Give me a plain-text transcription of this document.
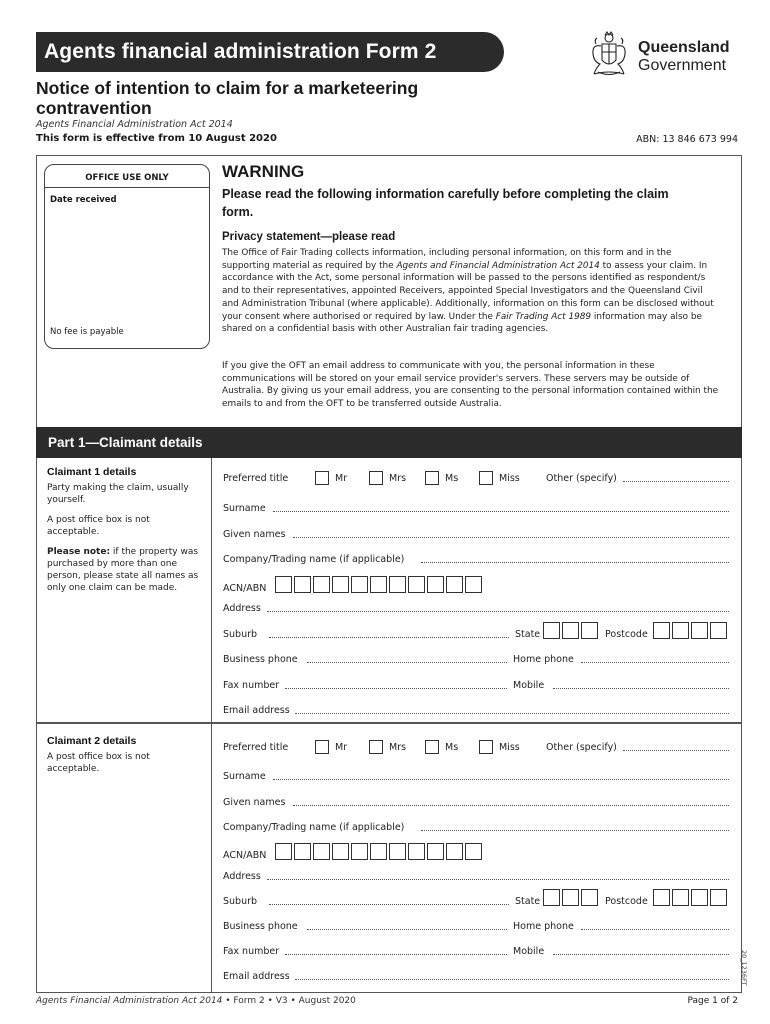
Agents financial administration Form 2
Notice of intention to claim for a marketeering contravention
Agents Financial Administration Act 2014
This form is effective from 10 August 2020	ABN: 13 846 673 994
Queensland
Government
OFFICE USE ONLY
Date received
No fee is payable
WARNING
Please read the following information carefully before completing the claim form.
Privacy statement—please read
The Office of Fair Trading collects information, including personal information, on this form and in the supporting material as required by the Agents and Financial Administration Act 2014 to assess your claim. In accordance with the Act, some personal information will be passed to the persons identified as respondent/s and to their representatives, appointed Receivers, appointed Special Investigators and the Queensland Civil and Administration Tribunal (where applicable). Additionally, information on this form can be disclosed without your consent where authorised or required by law. Under the Fair Trading Act 1989 information may also be shared on a confidential basis with other Australian fair trading agencies.
If you give the OFT an email address to communicate with you, the personal information in these communications will be stored on your email service provider's servers. These servers may be outside of Australia. By giving us your email address, you are consenting to the personal information contained within the emails to and from the OFT to be transferred outside Australia.
Part 1—Claimant details
Claimant 1 details

Party making the claim, usually yourself.

A post office box is not acceptable.

Please note: if the property was purchased by more than one person, please state all names as only one claim can be made.

Preferred title	Mr	Mrs	Ms	Miss	Other (specify)
Surname
Given names
Company/Trading name (if applicable)
ACN/ABN
Address
Suburb	State	Postcode
Business phone	Home phone
Fax number	Mobile
Email address
Claimant 2 details

A post office box is not acceptable.

Preferred title	Mr	Mrs	Ms	Miss	Other (specify)
Surname
Given names
Company/Trading name (if applicable)
ACN/ABN
Address
Suburb	State	Postcode
Business phone	Home phone
Fax number	Mobile
Email address
Agents Financial Administration Act 2014 • Form 2 • V3 • August 2020	Page 1 of 2
20_1236FT
